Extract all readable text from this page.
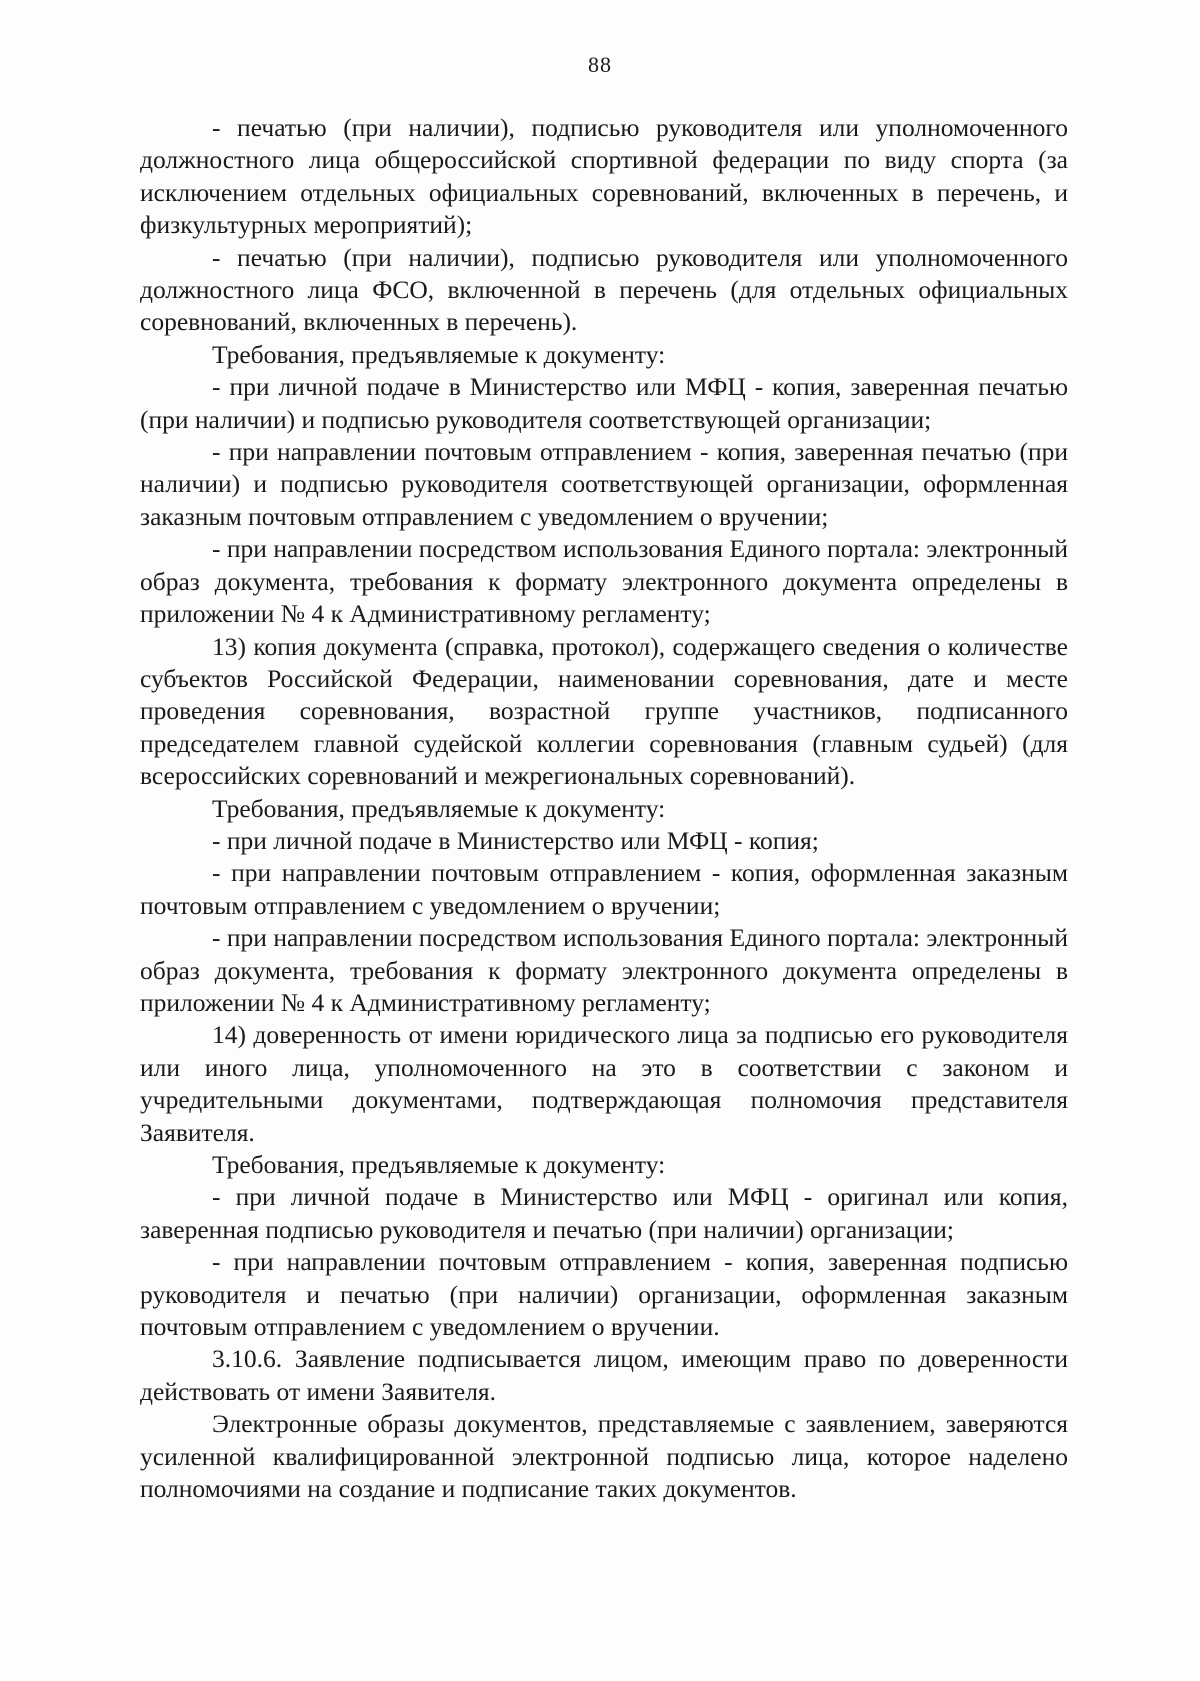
88

- печатью (при наличии), подписью руководителя или уполномоченного должностного лица общероссийской спортивной федерации по виду спорта (за исключением отдельных официальных соревнований, включенных в перечень, и физкультурных мероприятий);

- печатью (при наличии), подписью руководителя или уполномоченного должностного лица ФСО, включенной в перечень (для отдельных официальных соревнований, включенных в перечень).

Требования, предъявляемые к документу:

- при личной подаче в Министерство или МФЦ - копия, заверенная печатью (при наличии) и подписью руководителя соответствующей организации;

- при направлении почтовым отправлением - копия, заверенная печатью (при наличии) и подписью руководителя соответствующей организации, оформленная заказным почтовым отправлением с уведомлением о вручении;

- при направлении посредством использования Единого портала: электронный образ документа, требования к формату электронного документа определены в приложении № 4 к Административному регламенту;

13) копия документа (справка, протокол), содержащего сведения о количестве субъектов Российской Федерации, наименовании соревнования, дате и месте проведения соревнования, возрастной группе участников, подписанного председателем главной судейской коллегии соревнования (главным судьей) (для всероссийских соревнований и межрегиональных соревнований).

Требования, предъявляемые к документу:

- при личной подаче в Министерство или МФЦ - копия;

- при направлении почтовым отправлением - копия, оформленная заказным почтовым отправлением с уведомлением о вручении;

- при направлении посредством использования Единого портала: электронный образ документа, требования к формату электронного документа определены в приложении № 4 к Административному регламенту;

14) доверенность от имени юридического лица за подписью его руководителя или иного лица, уполномоченного на это в соответствии с законом и учредительными документами, подтверждающая полномочия представителя Заявителя.

Требования, предъявляемые к документу:

- при личной подаче в Министерство или МФЦ - оригинал или копия, заверенная подписью руководителя и печатью (при наличии) организации;

- при направлении почтовым отправлением - копия, заверенная подписью руководителя и печатью (при наличии) организации, оформленная заказным почтовым отправлением с уведомлением о вручении.

3.10.6. Заявление подписывается лицом, имеющим право по доверенности действовать от имени Заявителя.

Электронные образы документов, представляемые с заявлением, заверяются усиленной квалифицированной электронной подписью лица, которое наделено полномочиями на создание и подписание таких документов.
